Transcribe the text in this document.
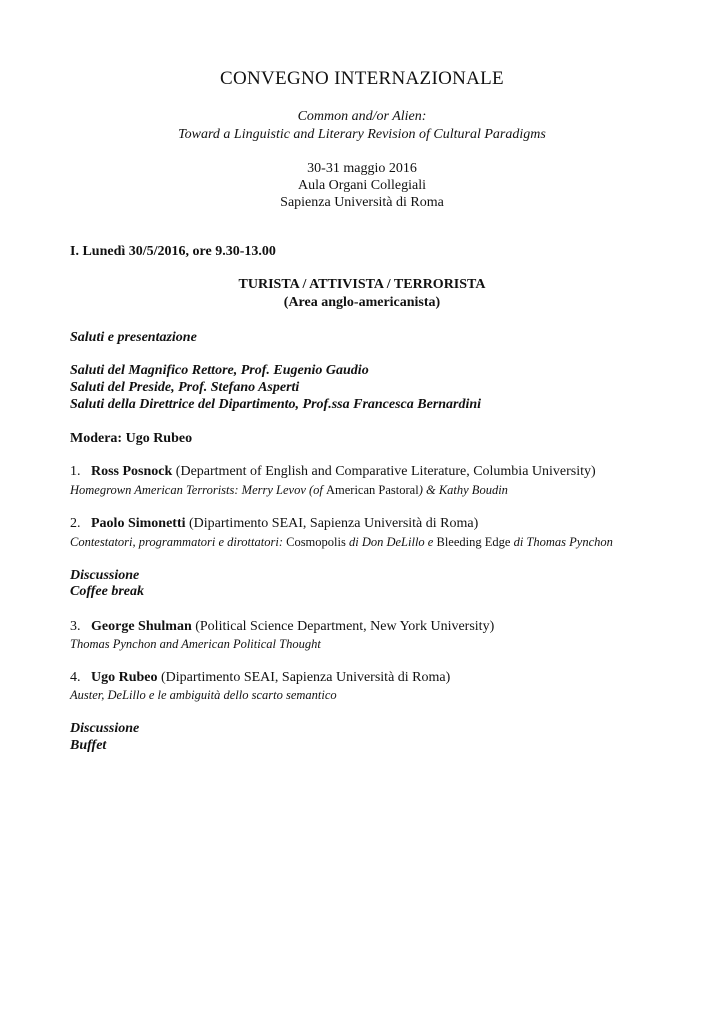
CONVEGNO INTERNAZIONALE
Common and/or Alien:
Toward a Linguistic and Literary Revision of Cultural Paradigms
30-31 maggio 2016
Aula Organi Collegiali
Sapienza Università di Roma
I. Lunedì 30/5/2016, ore 9.30-13.00
TURISTA / ATTIVISTA / TERRORISTA
(Area anglo-americanista)
Saluti e presentazione
Saluti del Magnifico Rettore, Prof. Eugenio Gaudio
Saluti del Preside, Prof. Stefano Asperti
Saluti della Direttrice del Dipartimento, Prof.ssa Francesca Bernardini
Modera: Ugo Rubeo
1. Ross Posnock (Department of English and Comparative Literature, Columbia University)
Homegrown American Terrorists: Merry Levov (of American Pastoral) & Kathy Boudin
2. Paolo Simonetti (Dipartimento SEAI, Sapienza Università di Roma)
Contestatori, programmatori e dirottatori: Cosmopolis di Don DeLillo e Bleeding Edge di Thomas Pynchon
Discussione
Coffee break
3. George Shulman (Political Science Department, New York University)
Thomas Pynchon and American Political Thought
4. Ugo Rubeo (Dipartimento SEAI, Sapienza Università di Roma)
Auster, DeLillo e le ambiguità dello scarto semantico
Discussione
Buffet
